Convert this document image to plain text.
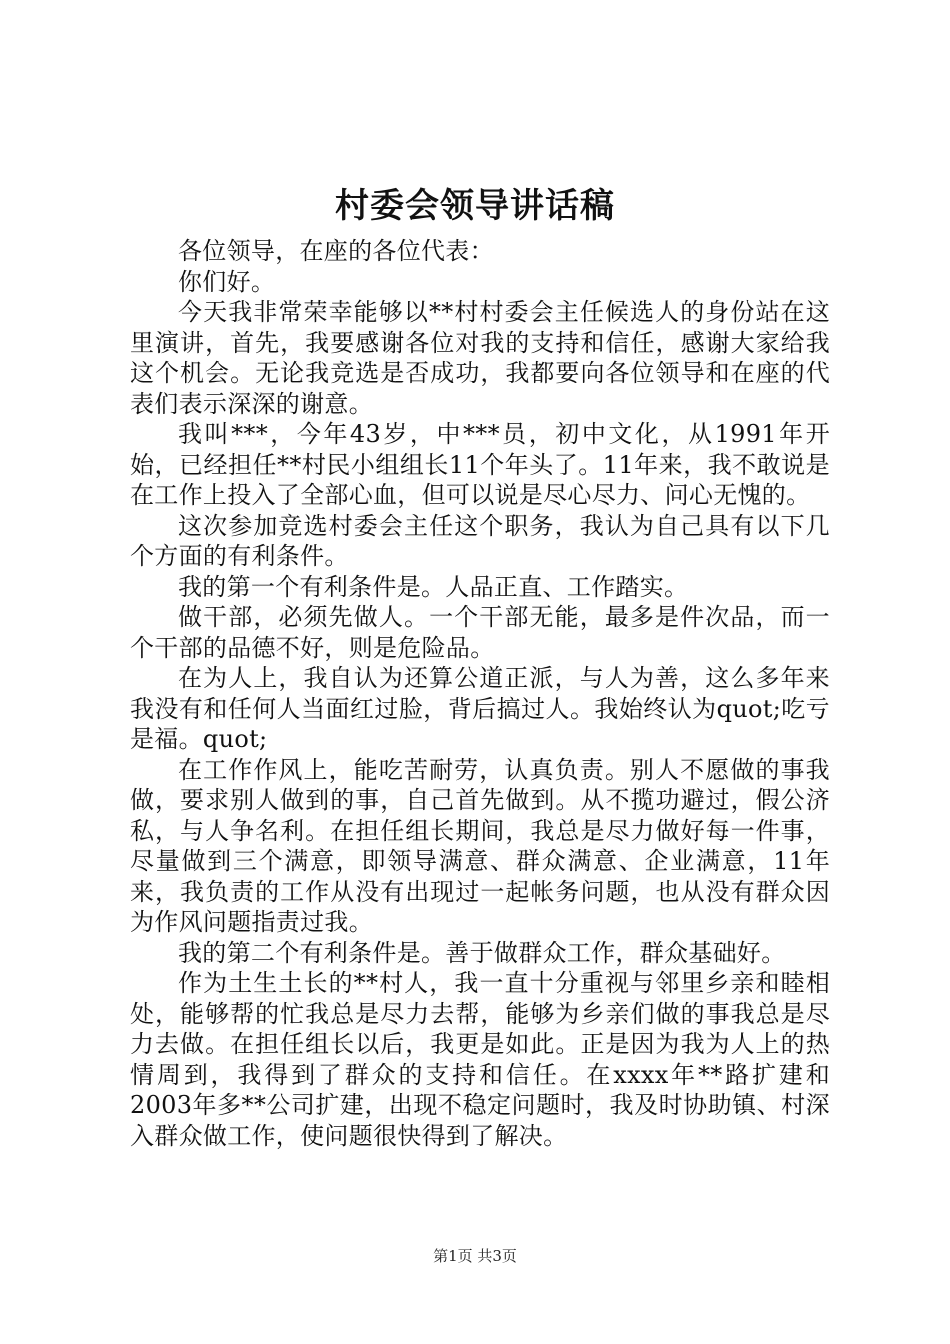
村委会领导讲话稿

各位领导，在座的各位代表：

你们好。

今天我非常荣幸能够以**村村委会主任候选人的身份站在这里演讲，首先，我要感谢各位对我的支持和信任，感谢大家给我这个机会。无论我竞选是否成功，我都要向各位领导和在座的代表们表示深深的谢意。

我叫***，今年43岁，中***员，初中文化，从1991年开始，已经担任**村民小组组长11个年头了。11年来，我不敢说是在工作上投入了全部心血，但可以说是尽心尽力、问心无愧的。

这次参加竞选村委会主任这个职务，我认为自己具有以下几个方面的有利条件。

我的第一个有利条件是。人品正直、工作踏实。

做干部，必须先做人。一个干部无能，最多是件次品，而一个干部的品德不好，则是危险品。

在为人上，我自认为还算公道正派，与人为善，这么多年来我没有和任何人当面红过脸，背后搞过人。我始终认为quot;吃亏是福。quot;

在工作作风上，能吃苦耐劳，认真负责。别人不愿做的事我做，要求别人做到的事，自己首先做到。从不揽功避过，假公济私，与人争名利。在担任组长期间，我总是尽力做好每一件事，尽量做到三个满意，即领导满意、群众满意、企业满意，11年来，我负责的工作从没有出现过一起帐务问题，也从没有群众因为作风问题指责过我。

我的第二个有利条件是。善于做群众工作，群众基础好。

作为土生土长的**村人，我一直十分重视与邻里乡亲和睦相处，能够帮的忙我总是尽力去帮，能够为乡亲们做的事我总是尽力去做。在担任组长以后，我更是如此。正是因为我为人上的热情周到，我得到了群众的支持和信任。在xxxx年**路扩建和2003年多**公司扩建，出现不稳定问题时，我及时协助镇、村深入群众做工作，使问题很快得到了解决。

第1页 共3页
